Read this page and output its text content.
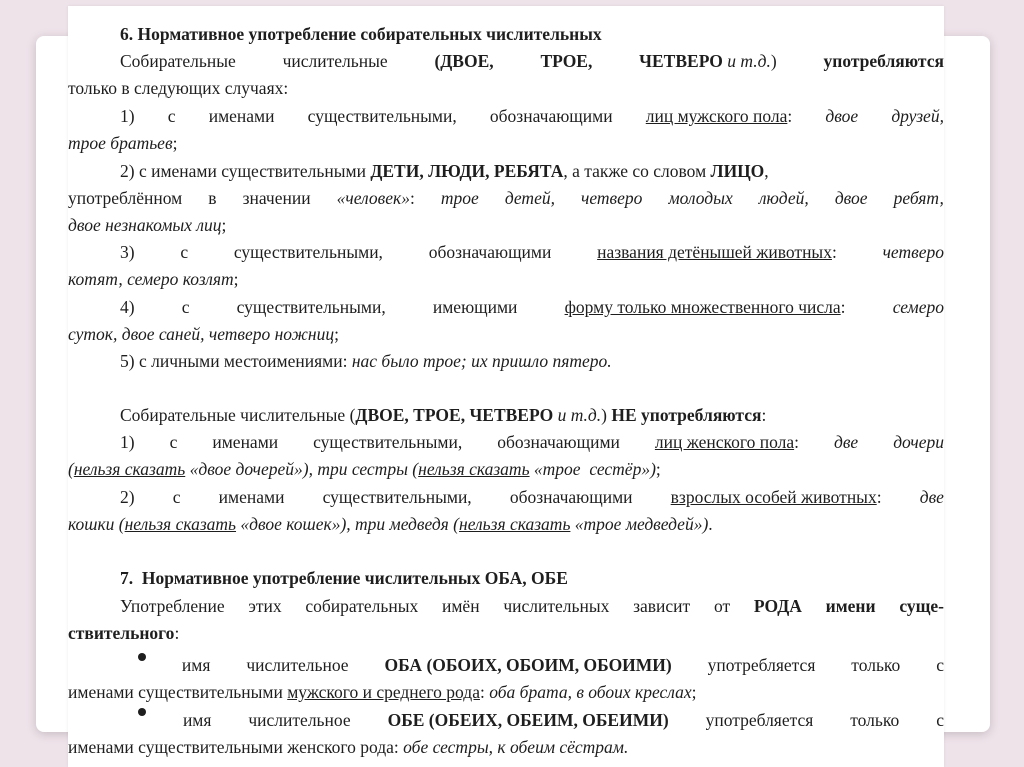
6. Нормативное употребление собирательных числительных
Собирательные	числительные	(ДВОЕ,	ТРОЕ,	ЧЕТВЕРО и т.д.)	употребляются
только в следующих случаях:
1) с именами существительными, обозначающими лиц мужского пола: двое друзей,
трое братьев;
2) с именами существительными ДЕТИ, ЛЮДИ, РЕБЯТА, а также со словом ЛИЦО,
употреблённом в значении «человек»: трое детей, четверо молодых людей, двое ребят,
двое незнакомых лиц;
3)	с	существительными,	обозначающими	названия детёнышей животных:	четверо
котят, семеро козлят;
4)	с	существительными,	имеющими	форму только множественного числа:	семеро
суток, двое саней, четверо ножниц;
5) с личными местоимениями: нас было трое; их пришло пятеро.
Собирательные числительные (ДВОЕ, ТРОЕ, ЧЕТВЕРО и т.д.) НЕ употребляются:
1) с именами существительными, обозначающими лиц женского пола: две дочери
(нельзя сказать «двое дочерей»), три сестры (нельзя сказать «трое  сестёр»);
2) с именами существительными, обозначающими взрослых особей животных: две
кошки (нельзя сказать «двое кошек»), три медведя (нельзя сказать «трое медведей»).
7.  Нормативное употребление числительных ОБА, ОБЕ
Употребление этих собирательных имён числительных зависит от РОДА имени суще-
ствительного:
имя числительное ОБА (ОБОИХ, ОБОИМ, ОБОИМИ) употребляется только с
именами существительными мужского и среднего рода: оба брата, в обоих креслах;
имя числительное ОБЕ (ОБЕИХ, ОБЕИМ, ОБЕИМИ) употребляется только с
именами существительными женского рода: обе сестры, к обеим сёстрам.
